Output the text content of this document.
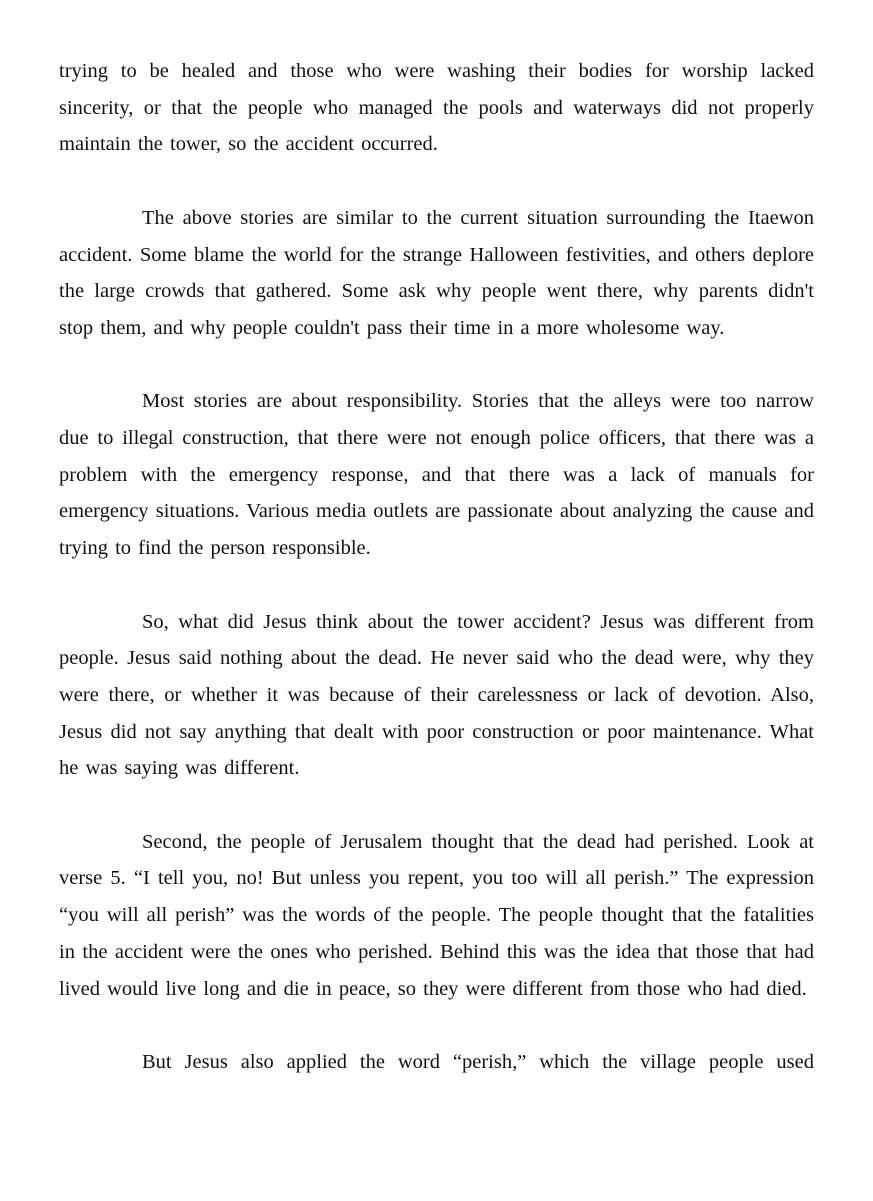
trying to be healed and those who were washing their bodies for worship lacked sincerity, or that the people who managed the pools and waterways did not properly maintain the tower, so the accident occurred.

The above stories are similar to the current situation surrounding the Itaewon accident. Some blame the world for the strange Halloween festivities, and others deplore the large crowds that gathered. Some ask why people went there, why parents didn't stop them, and why people couldn't pass their time in a more wholesome way.

Most stories are about responsibility. Stories that the alleys were too narrow due to illegal construction, that there were not enough police officers, that there was a problem with the emergency response, and that there was a lack of manuals for emergency situations. Various media outlets are passionate about analyzing the cause and trying to find the person responsible.

So, what did Jesus think about the tower accident? Jesus was different from people. Jesus said nothing about the dead. He never said who the dead were, why they were there, or whether it was because of their carelessness or lack of devotion. Also, Jesus did not say anything that dealt with poor construction or poor maintenance. What he was saying was different.

Second, the people of Jerusalem thought that the dead had perished. Look at verse 5. “I tell you, no! But unless you repent, you too will all perish.” The expression “you will all perish” was the words of the people. The people thought that the fatalities in the accident were the ones who perished. Behind this was the idea that those that had lived would live long and die in peace, so they were different from those who had died.

But Jesus also applied the word “perish,” which the village people used
